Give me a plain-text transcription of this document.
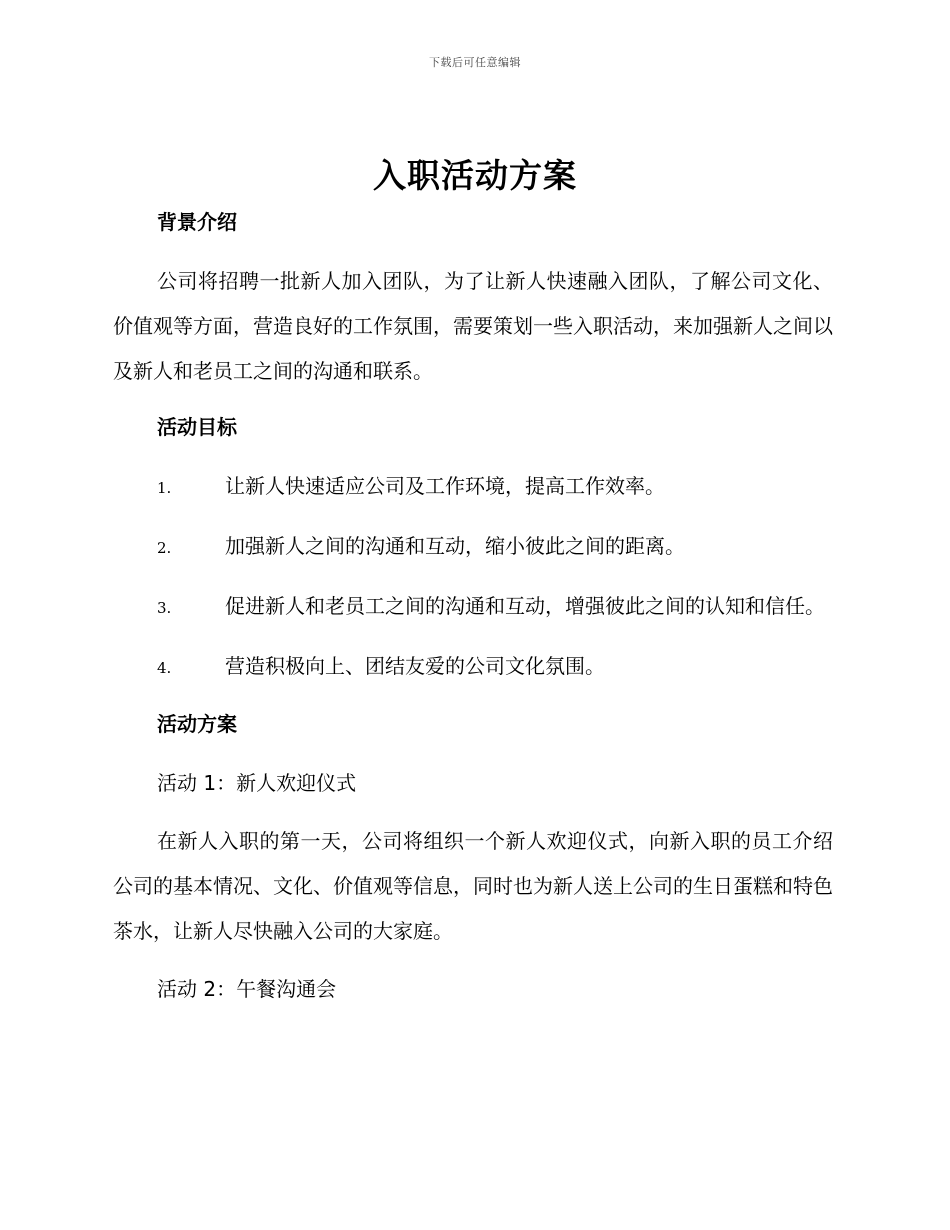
下载后可任意编辑
入职活动方案
背景介绍

公司将招聘一批新人加入团队，为了让新人快速融入团队，了解公司文化、价值观等方面，营造良好的工作氛围，需要策划一些入职活动，来加强新人之间以及新人和老员工之间的沟通和联系。

活动目标

1.	让新人快速适应公司及工作环境，提高工作效率。

2.	加强新人之间的沟通和互动，缩小彼此之间的距离。

3.	促进新人和老员工之间的沟通和互动，增强彼此之间的认知和信任。

4.	营造积极向上、团结友爱的公司文化氛围。

活动方案
活动 1：新人欢迎仪式

在新人入职的第一天，公司将组织一个新人欢迎仪式，向新入职的员工介绍公司的基本情况、文化、价值观等信息，同时也为新人送上公司的生日蛋糕和特色茶水，让新人尽快融入公司的大家庭。

活动 2：午餐沟通会
